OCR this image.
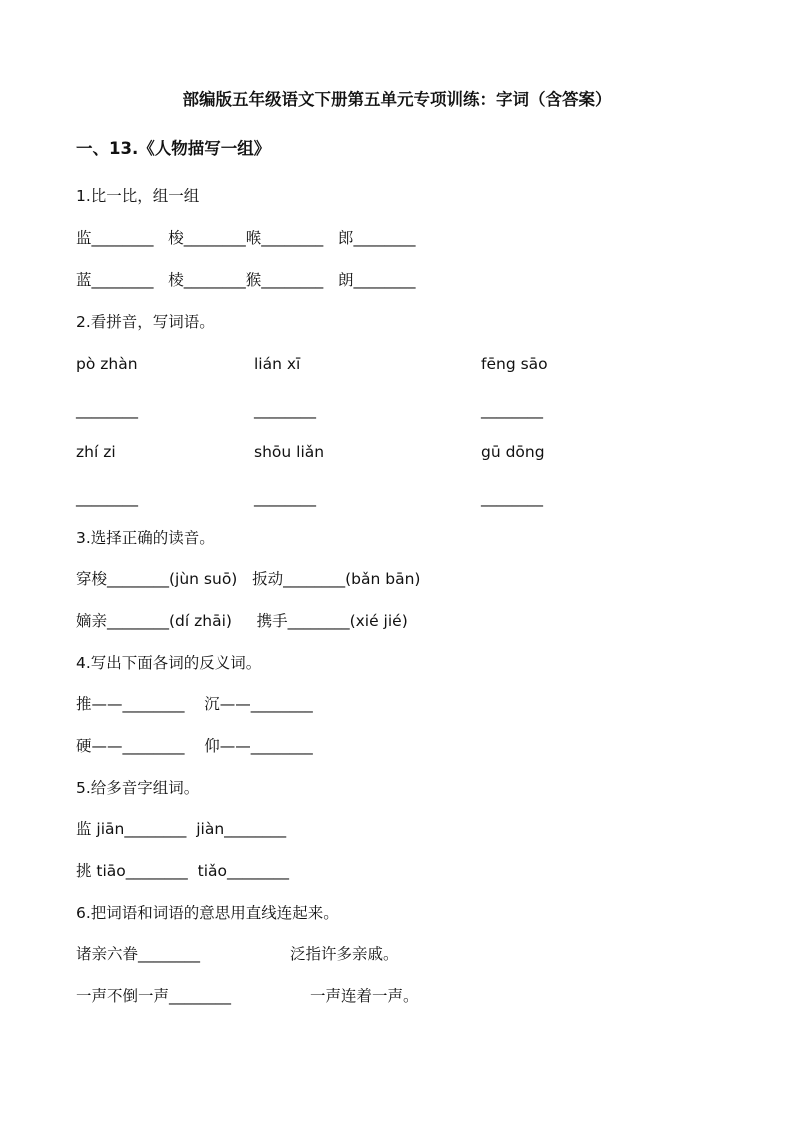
部编版五年级语文下册第五单元专项训练：字词（含答案）
一、13.《人物描写一组》
1.比一比，组一组
监________   梭________喉________   郎________
蓝________   棱________猴________   朗________
2.看拼音，写词语。
pò zhàn	lián xī	fēng sāo
________	________	________
zhí zi	shōu liǎn	gū dōng
________	________	________
3.选择正确的读音。
穿梭________(jùn suō)   扳动________(bǎn bān)
嫡亲________(dí zhāi)     携手________(xié jié)
4.写出下面各词的反义词。
推——________    沉——________
硬——________    仰——________
5.给多音字组词。
监 jiān________  jiàn________
挑 tiāo________  tiǎo________
6.把词语和词语的意思用直线连起来。
诸亲六眷________	泛指许多亲戚。
一声不倒一声________	一声连着一声。
